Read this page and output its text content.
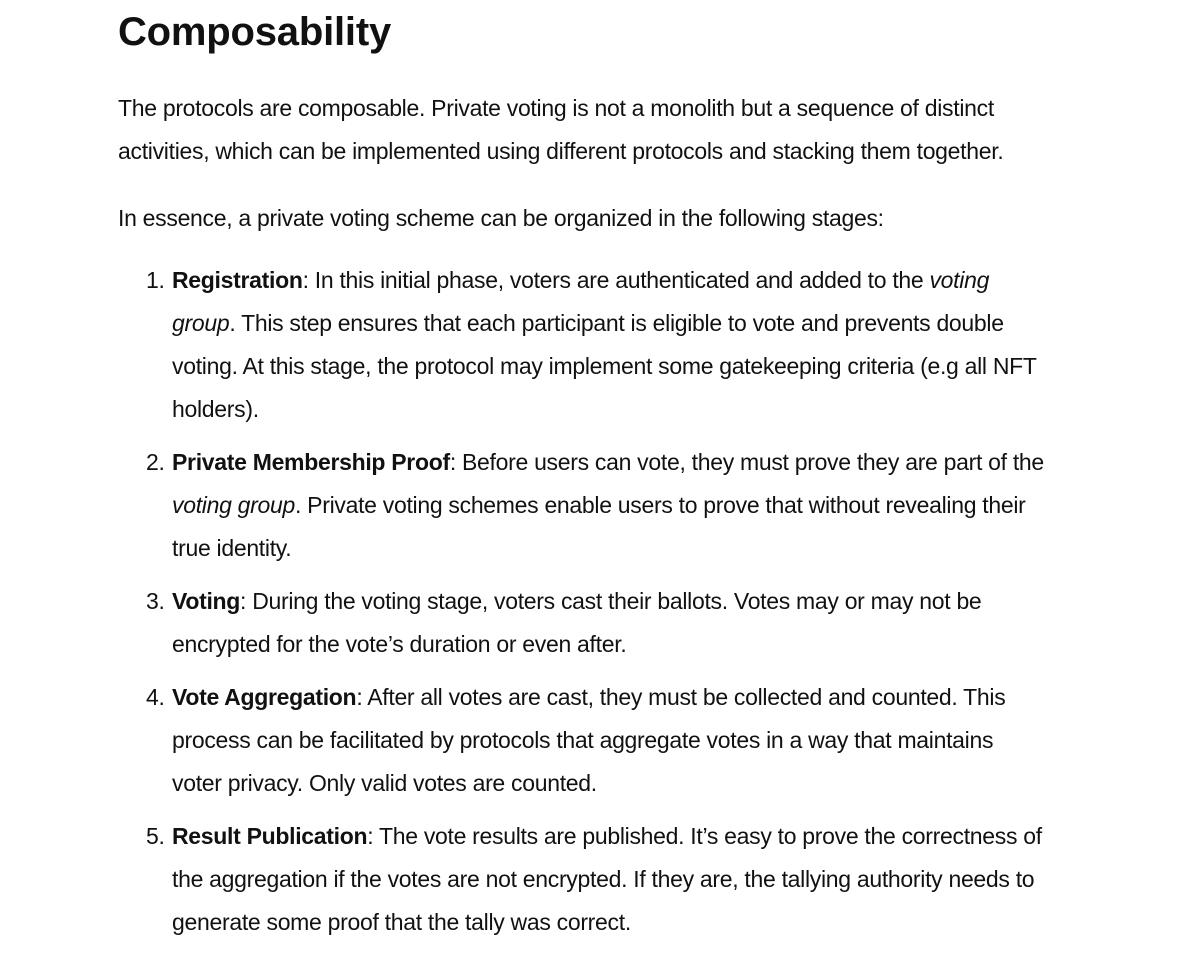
Composability

The protocols are composable. Private voting is not a monolith but a sequence of distinct activities, which can be implemented using different protocols and stacking them together.

In essence, a private voting scheme can be organized in the following stages:

1. Registration: In this initial phase, voters are authenticated and added to the voting group. This step ensures that each participant is eligible to vote and prevents double voting. At this stage, the protocol may implement some gatekeeping criteria (e.g all NFT holders).
2. Private Membership Proof: Before users can vote, they must prove they are part of the voting group. Private voting schemes enable users to prove that without revealing their true identity.
3. Voting: During the voting stage, voters cast their ballots. Votes may or may not be encrypted for the vote’s duration or even after.
4. Vote Aggregation: After all votes are cast, they must be collected and counted. This process can be facilitated by protocols that aggregate votes in a way that maintains voter privacy. Only valid votes are counted.
5. Result Publication: The vote results are published. It’s easy to prove the correctness of the aggregation if the votes are not encrypted. If they are, the tallying authority needs to generate some proof that the tally was correct.
